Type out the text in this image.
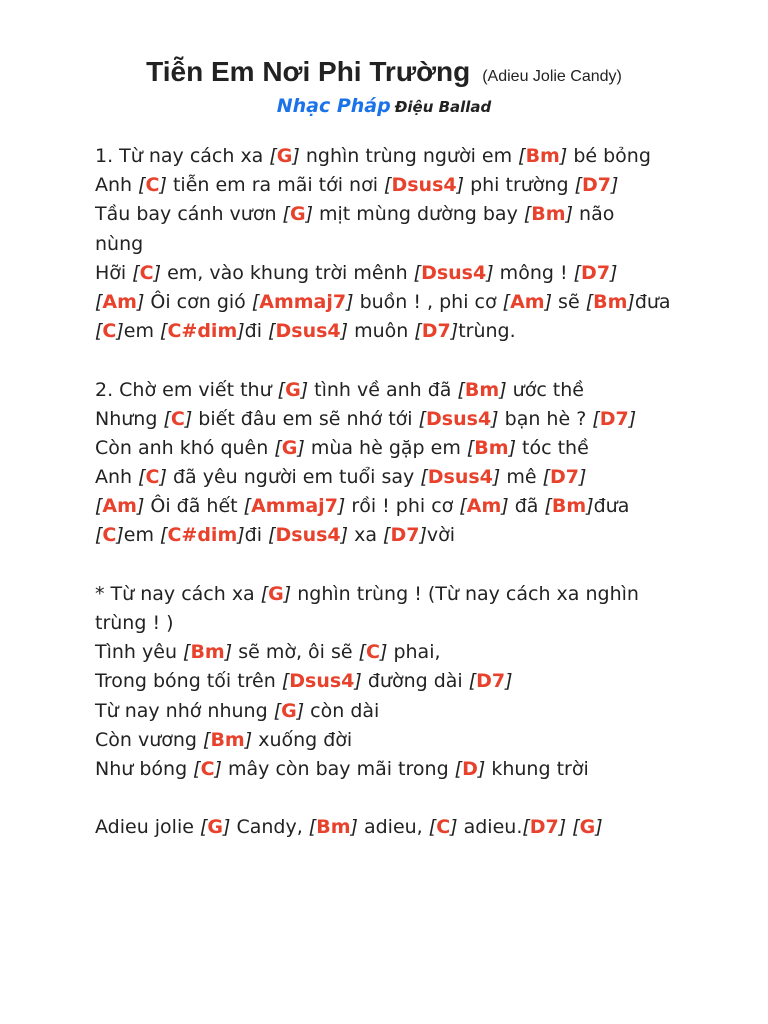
Tiễn Em Nơi Phi Trường (Adieu Jolie Candy)
Nhạc Pháp Điệu Ballad
1. Từ nay cách xa [G] nghìn trùng người em [Bm] bé bỏng
Anh [C] tiễn em ra mãi tới nơi [Dsus4] phi trường [D7]
Tầu bay cánh vươn [G] mịt mùng dường bay [Bm] não
nùng
Hỡi [C] em, vào khung trời mênh [Dsus4] mông ! [D7]
[Am] Ôi cơn gió [Ammaj7] buồn ! , phi cơ [Am] sẽ [Bm]đưa
[C]em [C#dim]đi [Dsus4] muôn [D7]trùng.
2. Chờ em viết thư [G] tình về anh đã [Bm] ước thề
Nhưng [C] biết đâu em sẽ nhớ tới [Dsus4] bạn hè ? [D7]
Còn anh khó quên [G] mùa hè gặp em [Bm] tóc thề
Anh [C] đã yêu người em tuổi say [Dsus4] mê [D7]
[Am] Ôi đã hết [Ammaj7] rồi ! phi cơ [Am] đã [Bm]đưa
[C]em [C#dim]đi [Dsus4] xa [D7]vời
* Từ nay cách xa [G] nghìn trùng ! (Từ nay cách xa nghìn
trùng ! )
Tình yêu [Bm] sẽ mờ, ôi sẽ [C] phai,
Trong bóng tối trên [Dsus4] đường dài [D7]
Từ nay nhớ nhung [G] còn dài
Còn vương [Bm] xuống đời
Như bóng [C] mây còn bay mãi trong [D] khung trời
Adieu jolie [G] Candy, [Bm] adieu, [C] adieu.[D7] [G]
